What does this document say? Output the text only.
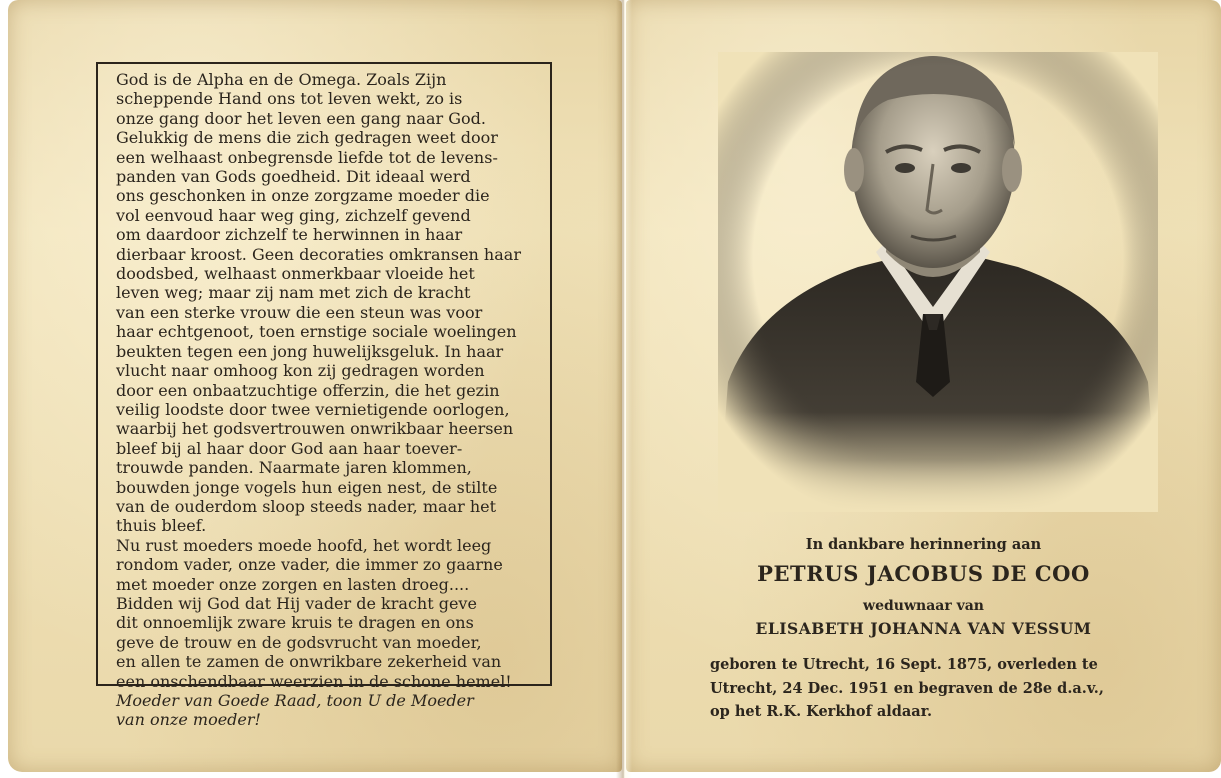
God is de Alpha en de Omega. Zoals Zijn

scheppende Hand ons tot leven wekt, zo is

onze gang door het leven een gang naar God.

Gelukkig de mens die zich gedragen weet door

een welhaast onbegrensde liefde tot de levens-

panden van Gods goedheid. Dit ideaal werd

ons geschonken in onze zorgzame moeder die

vol eenvoud haar weg ging, zichzelf gevend

om daardoor zichzelf te herwinnen in haar

dierbaar kroost. Geen decoraties omkransen haar

doodsbed, welhaast onmerkbaar vloeide het

leven weg; maar zij nam met zich de kracht

van een sterke vrouw die een steun was voor

haar echtgenoot, toen ernstige sociale woelingen

beukten tegen een jong huwelijksgeluk. In haar

vlucht naar omhoog kon zij gedragen worden

door een onbaatzuchtige offerzin, die het gezin

veilig loodste door twee vernietigende oorlogen,

waarbij het godsvertrouwen onwrikbaar heersen

bleef bij al haar door God aan haar toever-

trouwde panden. Naarmate jaren klommen,

bouwden jonge vogels hun eigen nest, de stilte

van de ouderdom sloop steeds nader, maar het

thuis bleef.

Nu rust moeders moede hoofd, het wordt leeg

rondom vader, onze vader, die immer zo gaarne

met moeder onze zorgen en lasten droeg....

Bidden wij God dat Hij vader de kracht geve

dit onnoemlijk zware kruis te dragen en ons

geve de trouw en de godsvrucht van moeder,

en allen te zamen de onwrikbare zekerheid van

een onschendbaar weerzien in de schone hemel!

Moeder van Goede Raad, toon U de Moeder

van onze moeder!

In dankbare herinnering aan
PETRUS JACOBUS DE COO
weduwnaar van
ELISABETH JOHANNA VAN VESSUM

geboren te Utrecht, 16 Sept. 1875, overleden te

Utrecht, 24 Dec. 1951 en begraven de 28e d.a.v.,

op het R.K. Kerkhof aldaar.
